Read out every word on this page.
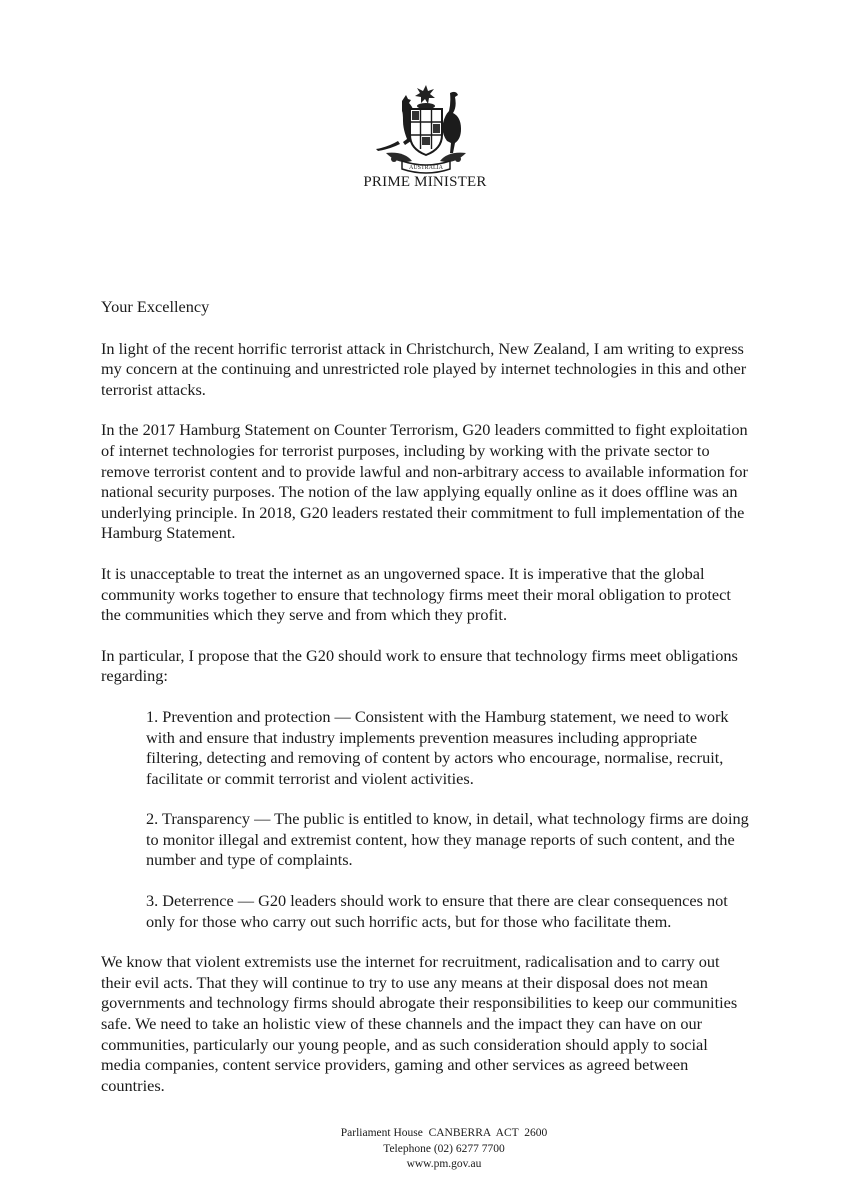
AUSTRALIA
PRIME MINISTER

Your Excellency

In light of the recent horrific terrorist attack in Christchurch, New Zealand, I am writing to express my concern at the continuing and unrestricted role played by internet technologies in this and other terrorist attacks.

In the 2017 Hamburg Statement on Counter Terrorism, G20 leaders committed to fight exploitation of internet technologies for terrorist purposes, including by working with the private sector to remove terrorist content and to provide lawful and non-arbitrary access to available information for national security purposes. The notion of the law applying equally online as it does offline was an underlying principle. In 2018, G20 leaders restated their commitment to full implementation of the Hamburg Statement.

It is unacceptable to treat the internet as an ungoverned space. It is imperative that the global community works together to ensure that technology firms meet their moral obligation to protect the communities which they serve and from which they profit.

In particular, I propose that the G20 should work to ensure that technology firms meet obligations regarding:

1. Prevention and protection — Consistent with the Hamburg statement, we need to work with and ensure that industry implements prevention measures including appropriate filtering, detecting and removing of content by actors who encourage, normalise, recruit, facilitate or commit terrorist and violent activities.
2. Transparency — The public is entitled to know, in detail, what technology firms are doing to monitor illegal and extremist content, how they manage reports of such content, and the number and type of complaints.
3. Deterrence — G20 leaders should work to ensure that there are clear consequences not only for those who carry out such horrific acts, but for those who facilitate them.

We know that violent extremists use the internet for recruitment, radicalisation and to carry out their evil acts. That they will continue to try to use any means at their disposal does not mean governments and technology firms should abrogate their responsibilities to keep our communities safe. We need to take an holistic view of these channels and the impact they can have on our communities, particularly our young people, and as such consideration should apply to social media companies, content service providers, gaming and other services as agreed between countries.

Parliament House  CANBERRA  ACT  2600
Telephone (02) 6277 7700
www.pm.gov.au
